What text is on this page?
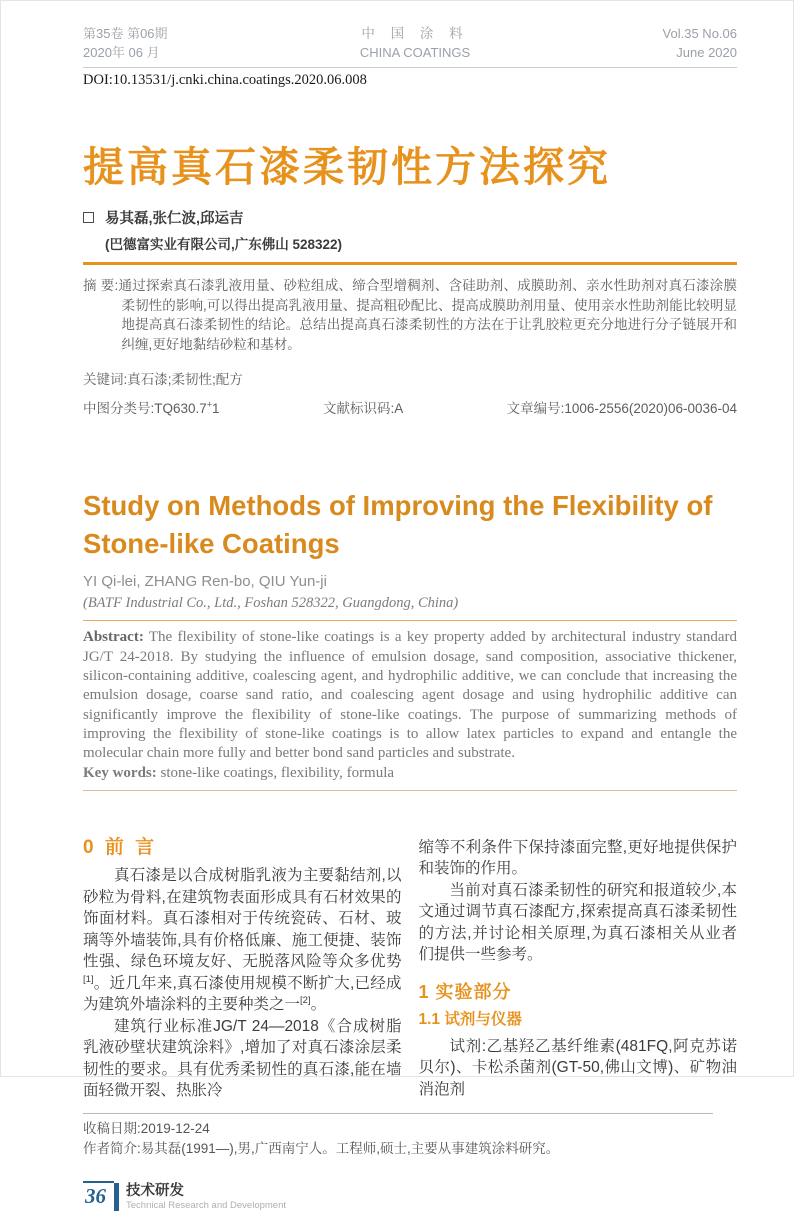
第35卷 第06期
2020年 06 月
中 国 涂 料
CHINA COATINGS
Vol.35 No.06
June 2020
DOI:10.13531/j.cnki.china.coatings.2020.06.008
提高真石漆柔韧性方法探究
易其磊,张仁波,邱运吉
(巴德富实业有限公司,广东佛山 528322)

摘 要:通过探索真石漆乳液用量、砂粒组成、缔合型增稠剂、含硅助剂、成膜助剂、亲水性助剂对真石漆涂膜柔韧性的影响,可以得出提高乳液用量、提高粗砂配比、提高成膜助剂用量、使用亲水性助剂能比较明显地提高真石漆柔韧性的结论。总结出提高真石漆柔韧性的方法在于让乳胶粒更充分地进行分子链展开和纠缠,更好地黏结砂粒和基材。

关键词:真石漆;柔韧性;配方
中图分类号:TQ630.7+1	文献标识码:A	文章编号:1006-2556(2020)06-0036-04
Study on Methods of Improving the Flexibility of Stone-like Coatings
YI Qi-lei, ZHANG Ren-bo, QIU Yun-ji
(BATF Industrial Co., Ltd., Foshan 528322, Guangdong, China)

Abstract: The flexibility of stone-like coatings is a key property added by architectural industry standard JG/T 24-2018. By studying the influence of emulsion dosage, sand composition, associative thickener, silicon-containing additive, coalescing agent, and hydrophilic additive, we can conclude that increasing the emulsion dosage, coarse sand ratio, and coalescing agent dosage and using hydrophilic additive can significantly improve the flexibility of stone-like coatings. The purpose of summarizing methods of improving the flexibility of stone-like coatings is to allow latex particles to expand and entangle the molecular chain more fully and better bond sand particles and substrate.

Key words: stone-like coatings, flexibility, formula
0 前 言

真石漆是以合成树脂乳液为主要黏结剂,以砂粒为骨料,在建筑物表面形成具有石材效果的饰面材料。真石漆相对于传统瓷砖、石材、玻璃等外墙装饰,具有价格低廉、施工便捷、装饰性强、绿色环境友好、无脱落风险等众多优势[1]。近几年来,真石漆使用规模不断扩大,已经成为建筑外墙涂料的主要种类之一[2]。

建筑行业标准JG/T 24—2018《合成树脂乳液砂壁状建筑涂料》,增加了对真石漆涂层柔韧性的要求。具有优秀柔韧性的真石漆,能在墙面轻微开裂、热胀冷

缩等不利条件下保持漆面完整,更好地提供保护和装饰的作用。

当前对真石漆柔韧性的研究和报道较少,本文通过调节真石漆配方,探索提高真石漆柔韧性的方法,并讨论相关原理,为真石漆相关从业者们提供一些参考。

1 实验部分
1.1 试剂与仪器

试剂:乙基羟乙基纤维素(481FQ,阿克苏诺贝尔)、卡松杀菌剂(GT-50,佛山文博)、矿物油消泡剂

收稿日期:2019-12-24
作者简介:易其磊(1991—),男,广西南宁人。工程师,硕士,主要从事建筑涂料研究。
36	技术研发
Technical Research and Development
